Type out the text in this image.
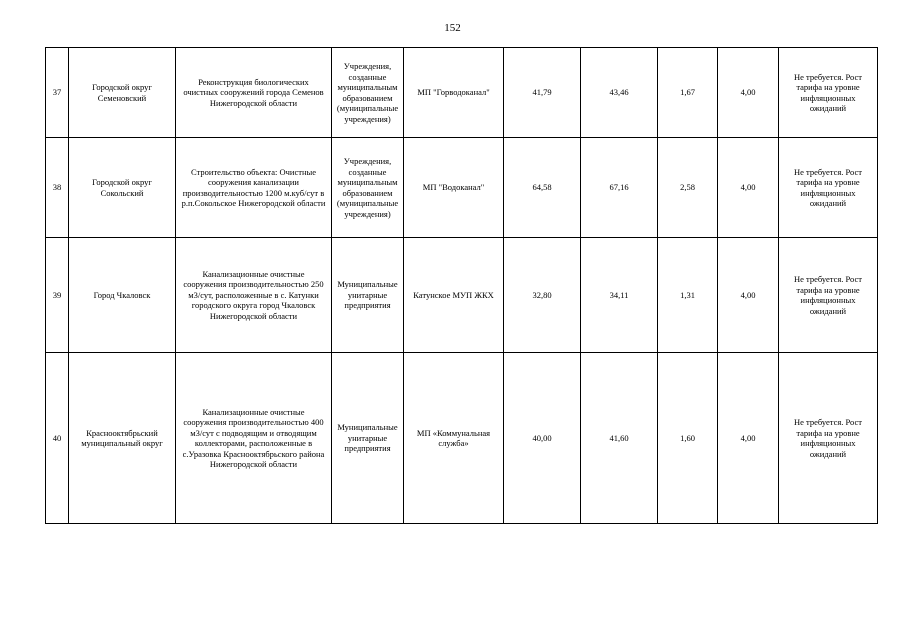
152
37	Городской округ Семеновский	Реконструкция биологических очистных сооружений города Семенов Нижегородской области	Учреждения, созданные муниципальным образованием (муниципальные учреждения)	МП "Горводоканал"	41,79	43,46	1,67	4,00	Не требуется. Рост тарифа на уровне инфляционных ожиданий
38	Городской округ Сокольский	Строительство объекта: Очистные сооружения канализации производительностью 1200 м.куб/сут в р.п.Сокольское Нижегородской области	Учреждения, созданные муниципальным образованием (муниципальные учреждения)	МП "Водоканал"	64,58	67,16	2,58	4,00	Не требуется. Рост тарифа на уровне инфляционных ожиданий
39	Город Чкаловск	Канализационные очистные сооружения производительностью 250 м3/сут, расположенные в с. Катунки городского округа город Чкаловск Нижегородской области	Муниципальные унитарные предприятия	Катунское МУП ЖКХ	32,80	34,11	1,31	4,00	Не требуется. Рост тарифа на уровне инфляционных ожиданий
40	Краснооктябрьский муниципальный округ	Канализационные очистные сооружения производительностью 400 м3/сут с подводящим и отводящим коллекторами, расположенные в с.Уразовка Краснооктябрьского района Нижегородской области	Муниципальные унитарные предприятия	МП «Коммунальная служба»	40,00	41,60	1,60	4,00	Не требуется. Рост тарифа на уровне инфляционных ожиданий
